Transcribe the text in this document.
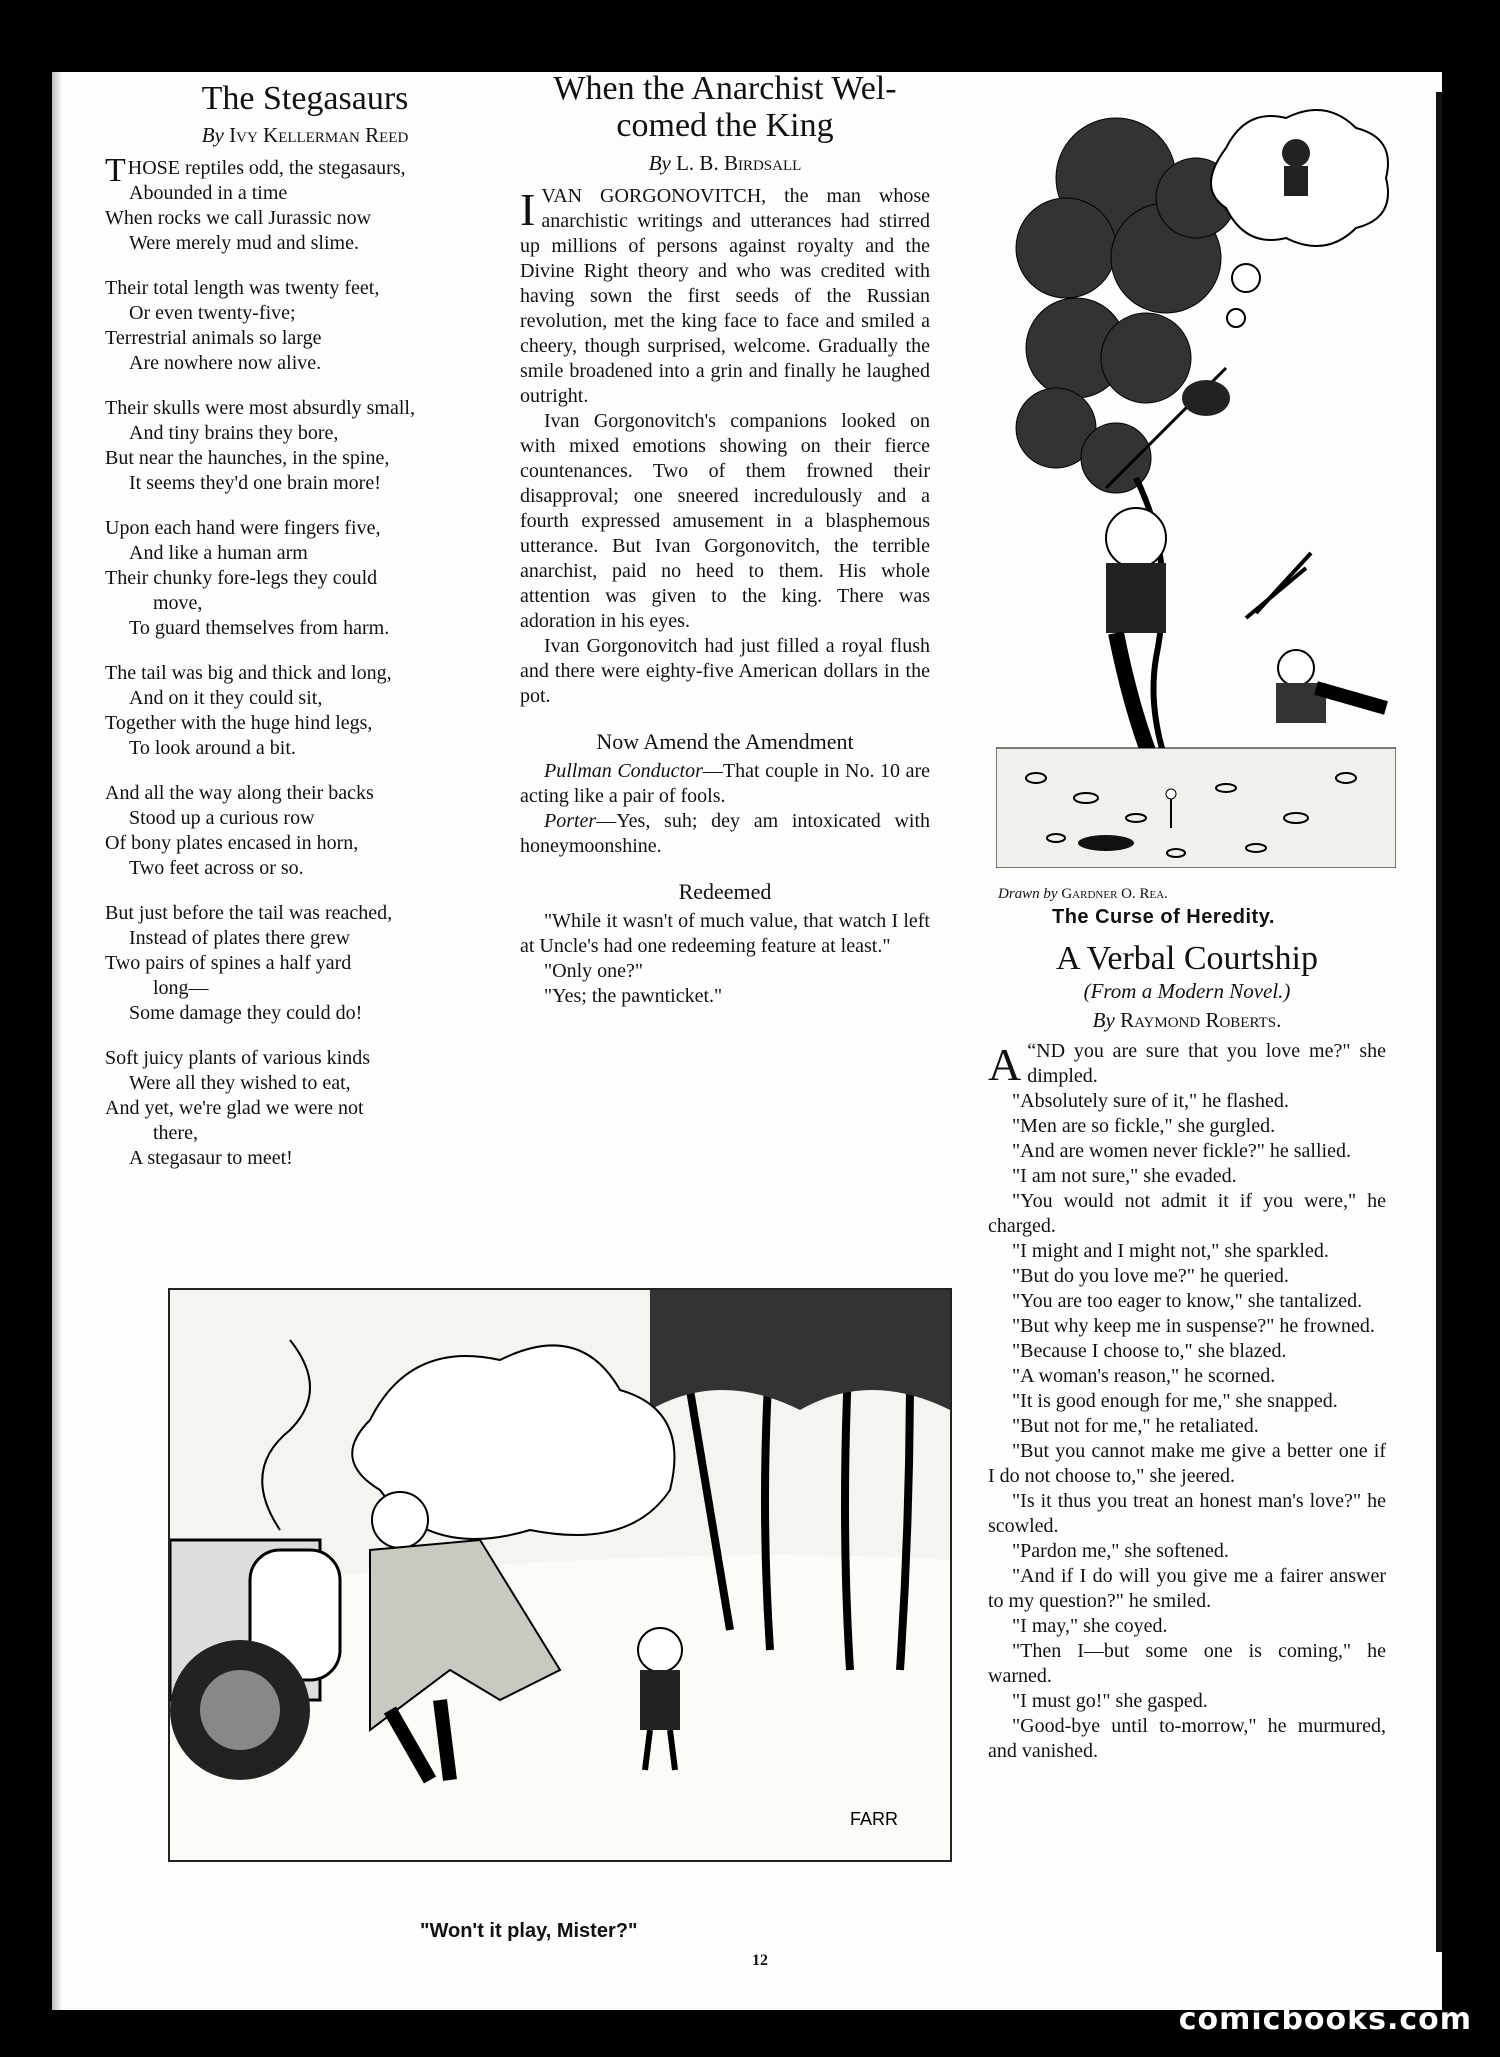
The Stegasaurs
By Ivy Kellerman Reed
T HOSE reptiles odd, the stegasaurs,
Abounded in a time
When rocks we call Jurassic now
Were merely mud and slime.
Their total length was twenty feet,
Or even twenty-five;
Terrestrial animals so large
Are nowhere now alive.
Their skulls were most absurdly small,
And tiny brains they bore,
But near the haunches, in the spine,
It seems they'd one brain more!
Upon each hand were fingers five,
And like a human arm
Their chunky fore-legs they could
move,
To guard themselves from harm.
The tail was big and thick and long,
And on it they could sit,
Together with the huge hind legs,
To look around a bit.
And all the way along their backs
Stood up a curious row
Of bony plates encased in horn,
Two feet across or so.
But just before the tail was reached,
Instead of plates there grew
Two pairs of spines a half yard
long—
Some damage they could do!
Soft juicy plants of various kinds
Were all they wished to eat,
And yet, we're glad we were not
there,
A stegasaur to meet!
When the Anarchist Wel-
comed the King
By L. B. Birdsall

IVAN GORGONOVITCH, the man whose anarchistic writings and utterances had stirred up millions of persons against royalty and the Divine Right theory and who was credited with having sown the first seeds of the Russian revolution, met the king face to face and smiled a cheery, though surprised, welcome. Gradually the smile broadened into a grin and finally he laughed outright.

Ivan Gorgonovitch's companions looked on with mixed emotions showing on their fierce countenances. Two of them frowned their disapproval; one sneered incredulously and a fourth expressed amusement in a blasphemous utterance. But Ivan Gorgonovitch, the terrible anarchist, paid no heed to them. His whole attention was given to the king. There was adoration in his eyes.

Ivan Gorgonovitch had just filled a royal flush and there were eighty-five American dollars in the pot.

Now Amend the Amendment

Pullman Conductor—That couple in No. 10 are acting like a pair of fools.

Porter—Yes, suh; dey am intoxicated with honeymoonshine.

Redeemed

"While it wasn't of much value, that watch I left at Uncle's had one redeeming feature at least."

"Only one?"

"Yes; the pawnticket."

Drawn by Gardner O. Rea.
The Curse of Heredity.
A Verbal Courtship
(From a Modern Novel.)
By Raymond Roberts.

“
A ND you are sure that you love me?" she dimpled.

"Absolutely sure of it," he flashed.

"Men are so fickle," she gurgled.

"And are women never fickle?" he sallied.

"I am not sure," she evaded.

"You would not admit it if you were," he charged.

"I might and I might not," she sparkled.

"But do you love me?" he queried.

"You are too eager to know," she tantalized.

"But why keep me in suspense?" he frowned.

"Because I choose to," she blazed.

"A woman's reason," he scorned.

"It is good enough for me," she snapped.

"But not for me," he retaliated.

"But you cannot make me give a better one if I do not choose to," she jeered.

"Is it thus you treat an honest man's love?" he scowled.

"Pardon me," she softened.

"And if I do will you give me a fairer answer to my question?" he smiled.

"I may," she coyed.

"Then I—but some one is coming," he warned.

"I must go!" she gasped.

"Good-bye until to-morrow," he murmured, and vanished.

FARR
"Won't it play, Mister?"
12
comicbooks.com
